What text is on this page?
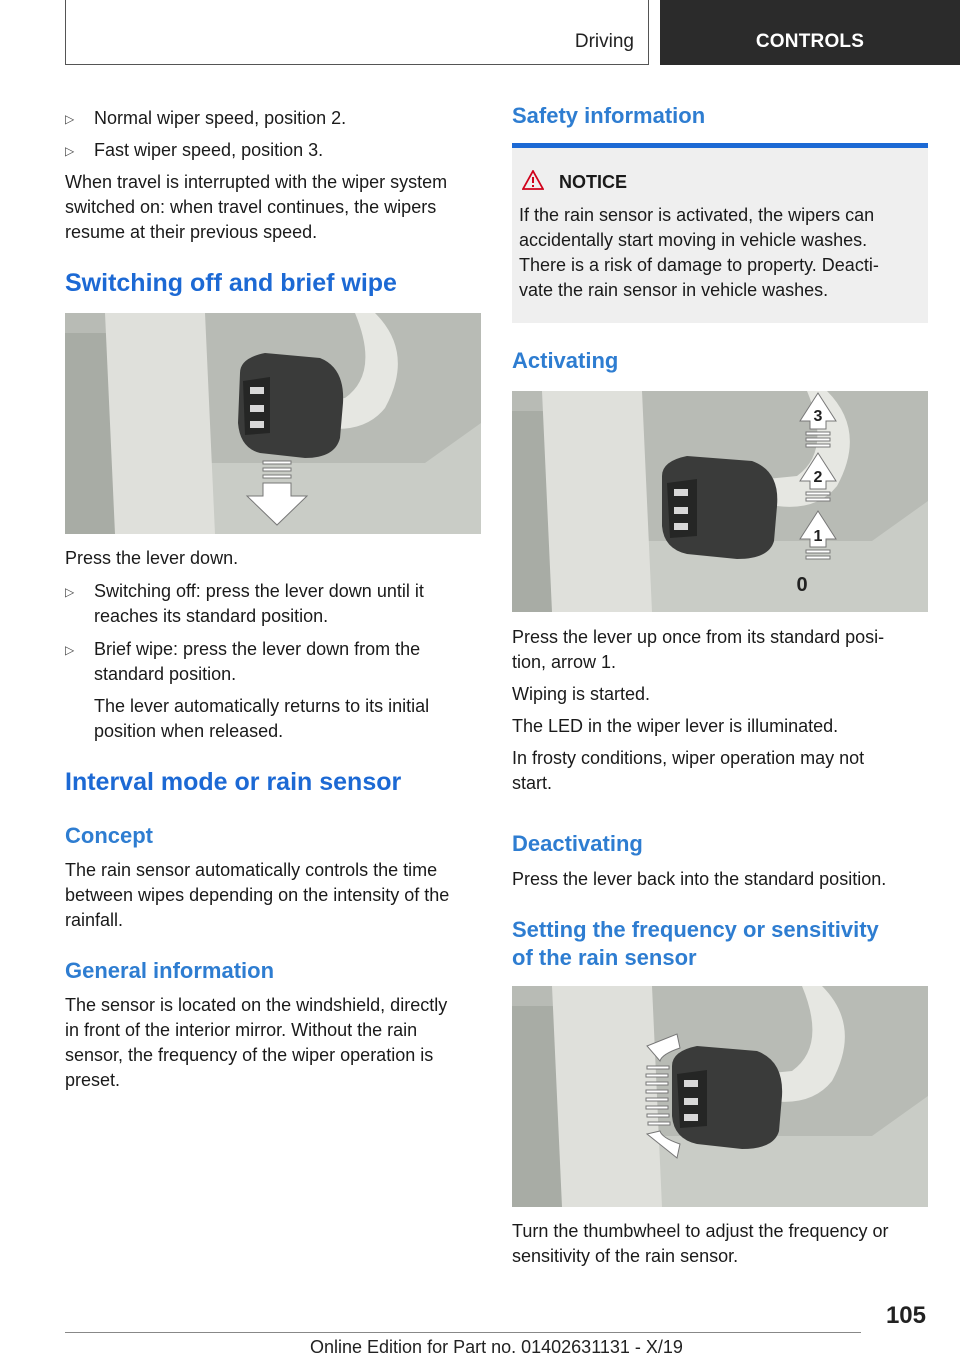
Driving	CONTROLS
▷ Normal wiper speed, position 2.
▷ Fast wiper speed, position 3.
When travel is interrupted with the wiper system
switched on: when travel continues, the wipers
resume at their previous speed.
Switching off and brief wipe
Press the lever down.
▷ Switching off: press the lever down until it
reaches its standard position.
▷ Brief wipe: press the lever down from the
standard position.
The lever automatically returns to its initial
position when released.
Interval mode or rain sensor
Concept
The rain sensor automatically controls the time
between wipes depending on the intensity of the
rainfall.
General information
The sensor is located on the windshield, directly
in front of the interior mirror. Without the rain
sensor, the frequency of the wiper operation is
preset.
Safety information
NOTICE
If the rain sensor is activated, the wipers can
accidentally start moving in vehicle washes.
There is a risk of damage to property. Deacti‐
vate the rain sensor in vehicle washes.
Activating
3
2
1
0
Press the lever up once from its standard posi‐
tion, arrow 1.
Wiping is started.
The LED in the wiper lever is illuminated.
In frosty conditions, wiper operation may not
start.
Deactivating
Press the lever back into the standard position.
Setting the frequency or sensitivity
of the rain sensor
Turn the thumbwheel to adjust the frequency or
sensitivity of the rain sensor.
105
Online Edition for Part no. 01402631131 - X/19
